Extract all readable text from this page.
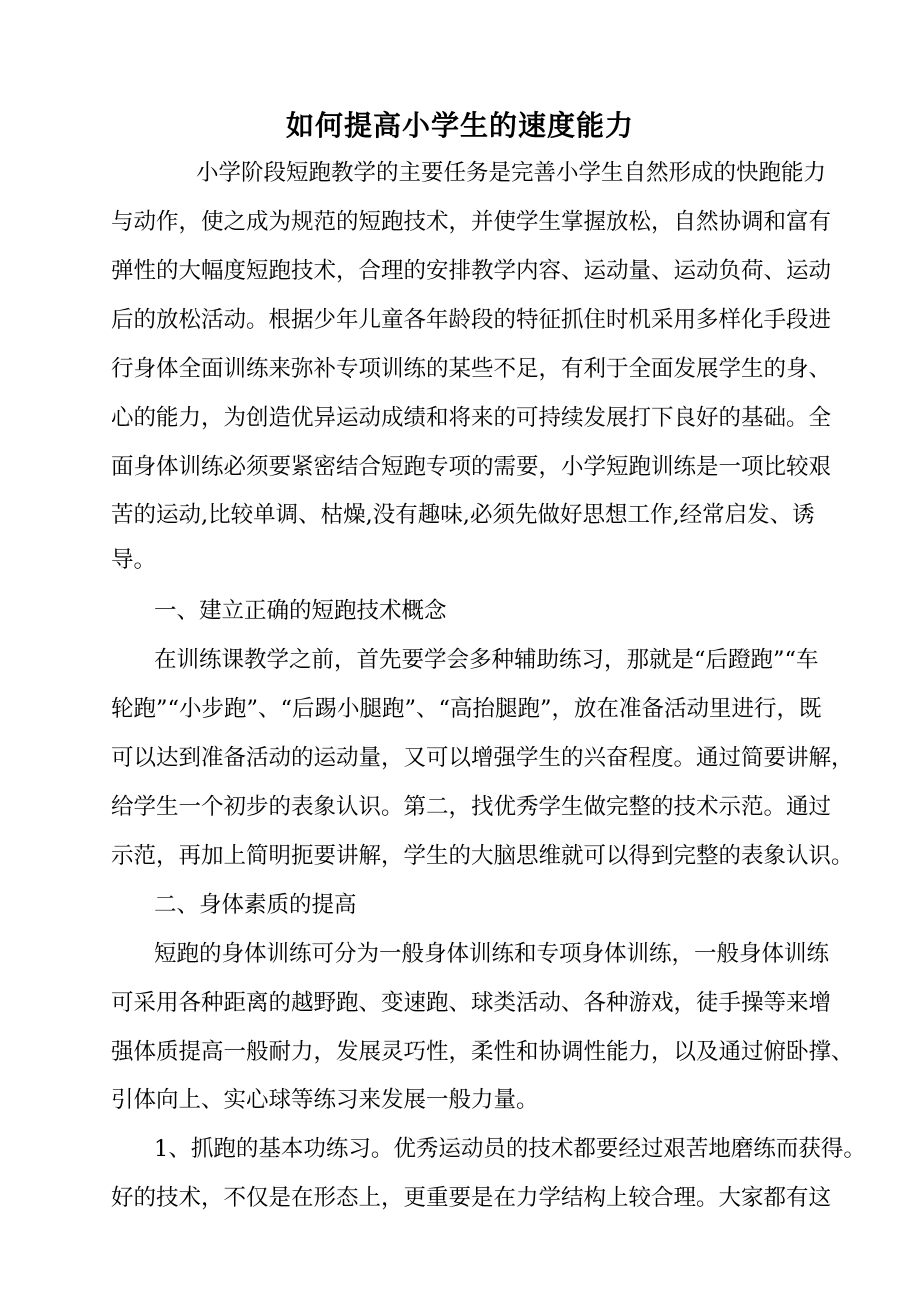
如何提高小学生的速度能力
小学阶段短跑教学的主要任务是完善小学生自然形成的快跑能力
与动作，使之成为规范的短跑技术，并使学生掌握放松，自然协调和富有
弹性的大幅度短跑技术，合理的安排教学内容、运动量、运动负荷、运动
后的放松活动。根据少年儿童各年龄段的特征抓住时机采用多样化手段进
行身体全面训练来弥补专项训练的某些不足，有利于全面发展学生的身、
心的能力，为创造优异运动成绩和将来的可持续发展打下良好的基础。全
面身体训练必须要紧密结合短跑专项的需要，小学短跑训练是一项比较艰
苦的运动,比较单调、枯燥,没有趣味,必须先做好思想工作,经常启发、诱
导。
一、建立正确的短跑技术概念
在训练课教学之前，首先要学会多种辅助练习，那就是“后蹬跑”“车
轮跑”“小步跑”、“后踢小腿跑”、“高抬腿跑”，放在准备活动里进行，既
可以达到准备活动的运动量，又可以增强学生的兴奋程度。通过简要讲解，
给学生一个初步的表象认识。第二，找优秀学生做完整的技术示范。通过
示范，再加上简明扼要讲解，学生的大脑思维就可以得到完整的表象认识。
二、身体素质的提高
短跑的身体训练可分为一般身体训练和专项身体训练，一般身体训练
可采用各种距离的越野跑、变速跑、球类活动、各种游戏，徒手操等来增
强体质提高一般耐力，发展灵巧性，柔性和协调性能力，以及通过俯卧撑、
引体向上、实心球等练习来发展一般力量。
1、抓跑的基本功练习。优秀运动员的技术都要经过艰苦地磨练而获得。
好的技术，不仅是在形态上，更重要是在力学结构上较合理。大家都有这
